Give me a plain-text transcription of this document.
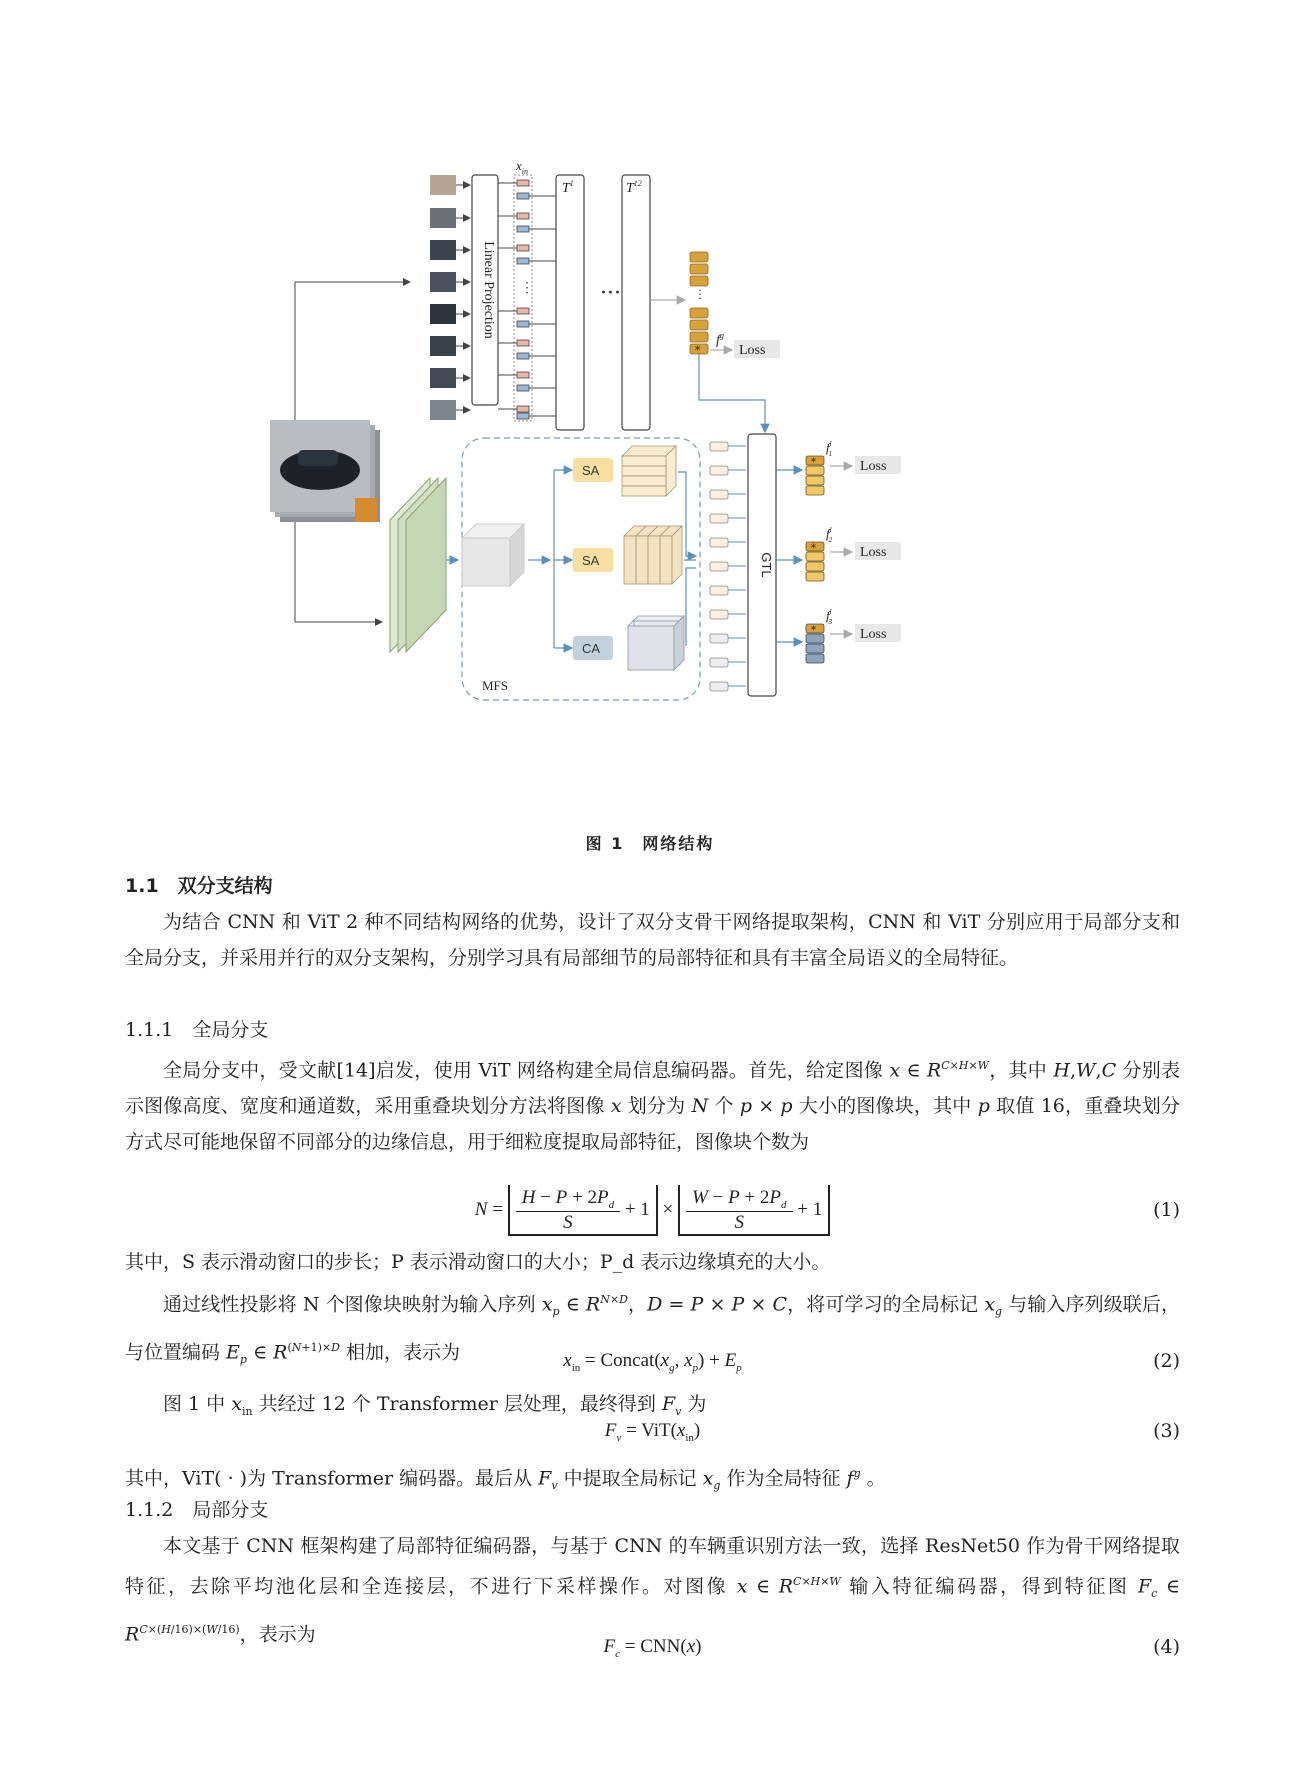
Linear Projection
$x_{in}$
⋮
$T^1$
···
$T^{12}$
⋮
*
$f^g$
Loss
MFS
SA
SA
CA
GTL
*
$f^l$ 1
Loss
*
$f^l$ 2
Loss
*
$f^l$ 3
Loss
图 1　网络结构
1.1　双分支结构
为结合 CNN 和 ViT 2 种不同结构网络的优势，设计了双分支骨干网络提取架构，CNN 和 ViT 分别应用于局部分支和全局分支，并采用并行的双分支架构，分别学习具有局部细节的局部特征和具有丰富全局语义的全局特征。
1.1.1　全局分支
全局分支中，受文献[14]启发，使用 ViT 网络构建全局信息编码器。首先，给定图像 x ∈ $R^{C\times H\times W}$，其中 H,W,C 分别表示图像高度、宽度和通道数，采用重叠块划分方法将图像 x 划分为 N 个 p × p 大小的图像块，其中 p 取值 16，重叠块划分方式尽可能地保留不同部分的边缘信息，用于细粒度提取局部特征，图像块个数为
$N = \frac{H - P + 2P_d}{S} + 1 \times \frac{W - P + 2P_d}{S} + 1$	(1)
其中，S 表示滑动窗口的步长；P 表示滑动窗口的大小；P_d 表示边缘填充的大小。
通过线性投影将 N 个图像块映射为输入序列 $x_p$ ∈ $R^{N\times D}$，D = P × P × C，将可学习的全局标记 $x_g$ 与输入序列级联后，与位置编码 $E_p$ ∈ $R^{(N+1)\times D}$ 相加，表示为	$x_{in}$ = $Concat(x_g$, $x_p) + E_p$	(2)
图 1 中 $x_{in}$ 共经过 12 个 Transformer 层处理，最终得到 $F_v$ 为
$F_v = ViT(x_{in})$	(3)
其中，ViT( · )为 Transformer 编码器。最后从 $F_v$ 中提取全局标记 $x_g$ 作为全局特征 $f^g$ 。
1.1.2　局部分支
本文基于 CNN 框架构建了局部特征编码器，与基于 CNN 的车辆重识别方法一致，选择 ResNet50 作为骨干网络提取特征，去除平均池化层和全连接层，不进行下采样操作。对图像 x ∈ $R^{C\times H\times W}$ 输入特征编码器，得到特征图 $F_c$ ∈ $R^{C\times(H/16)\times(W/16)}$，表示为
$F_c = CNN(x)$	(4)
